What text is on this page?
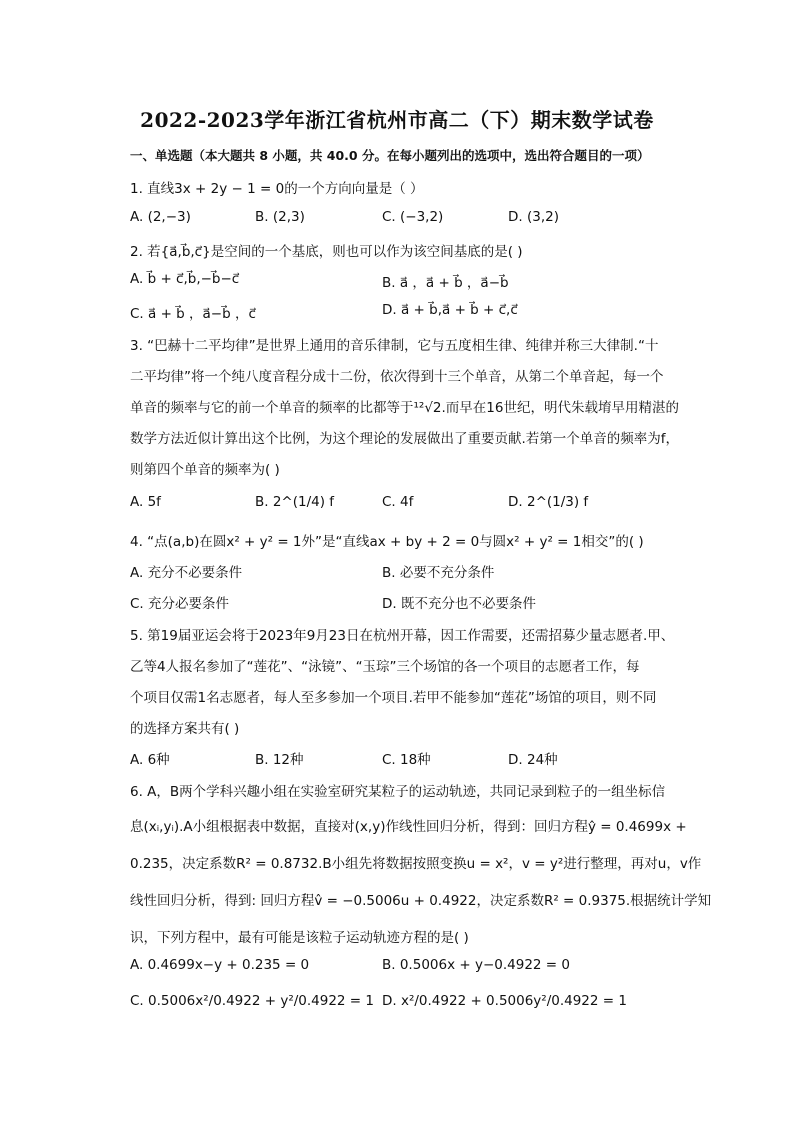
2022-2023学年浙江省杭州市高二（下）期末数学试卷
一、单选题（本大题共 8 小题，共 40.0 分。在每小题列出的选项中，选出符合题目的一项）
1. 直线3x + 2y − 1 = 0的一个方向向量是（ ）
A. (2,−3)	B. (2,3)	C. (−3,2)	D. (3,2)
2. 若{a⃗,b⃗,c⃗}是空间的一个基底，则也可以作为该空间基底的是( )
A. b⃗ + c⃗,b⃗,−b⃗−c⃗	B. a⃗ ，a⃗ + b⃗ ，a⃗−b⃗
C. a⃗ + b⃗ ，a⃗−b⃗ ，c⃗	D. a⃗ + b⃗,a⃗ + b⃗ + c⃗,c⃗
3. “巴赫十二平均律”是世界上通用的音乐律制，它与五度相生律、纯律并称三大律制.“十
二平均律”将一个纯八度音程分成十二份，依次得到十三个单音，从第二个单音起，每一个
单音的频率与它的前一个单音的频率的比都等于¹²√2.而早在16世纪，明代朱载堉早用精湛的
数学方法近似计算出这个比例，为这个理论的发展做出了重要贡献.若第一个单音的频率为f，
则第四个单音的频率为( )
A. 5f	B. 2^(1/4) f	C. 4f	D. 2^(1/3) f
4. “点(a,b)在圆x² + y² = 1外”是“直线ax + by + 2 = 0与圆x² + y² = 1相交”的( )
A. 充分不必要条件	B. 必要不充分条件
C. 充分必要条件	D. 既不充分也不必要条件
5. 第19届亚运会将于2023年9月23日在杭州开幕，因工作需要，还需招募少量志愿者.甲、
乙等4人报名参加了“莲花”、“泳镜”、“玉琮”三个场馆的各一个项目的志愿者工作，每
个项目仅需1名志愿者，每人至多参加一个项目.若甲不能参加“莲花”场馆的项目，则不同
的选择方案共有( )
A. 6种	B. 12种	C. 18种	D. 24种
6. A，B两个学科兴趣小组在实验室研究某粒子的运动轨迹，共同记录到粒子的一组坐标信
息(xᵢ,yᵢ).A小组根据表中数据，直接对(x,y)作线性回归分析，得到：回归方程ŷ = 0.4699x +
0.235，决定系数R² = 0.8732.B小组先将数据按照变换u = x²，v = y²进行整理，再对u，v作
线性回归分析，得到: 回归方程v̂ = −0.5006u + 0.4922，决定系数R² = 0.9375.根据统计学知
识，下列方程中，最有可能是该粒子运动轨迹方程的是( )
A. 0.4699x−y + 0.235 = 0	B. 0.5006x + y−0.4922 = 0
C. 0.5006x²/0.4922 + y²/0.4922 = 1 D. x²/0.4922 + 0.5006y²/0.4922 = 1
